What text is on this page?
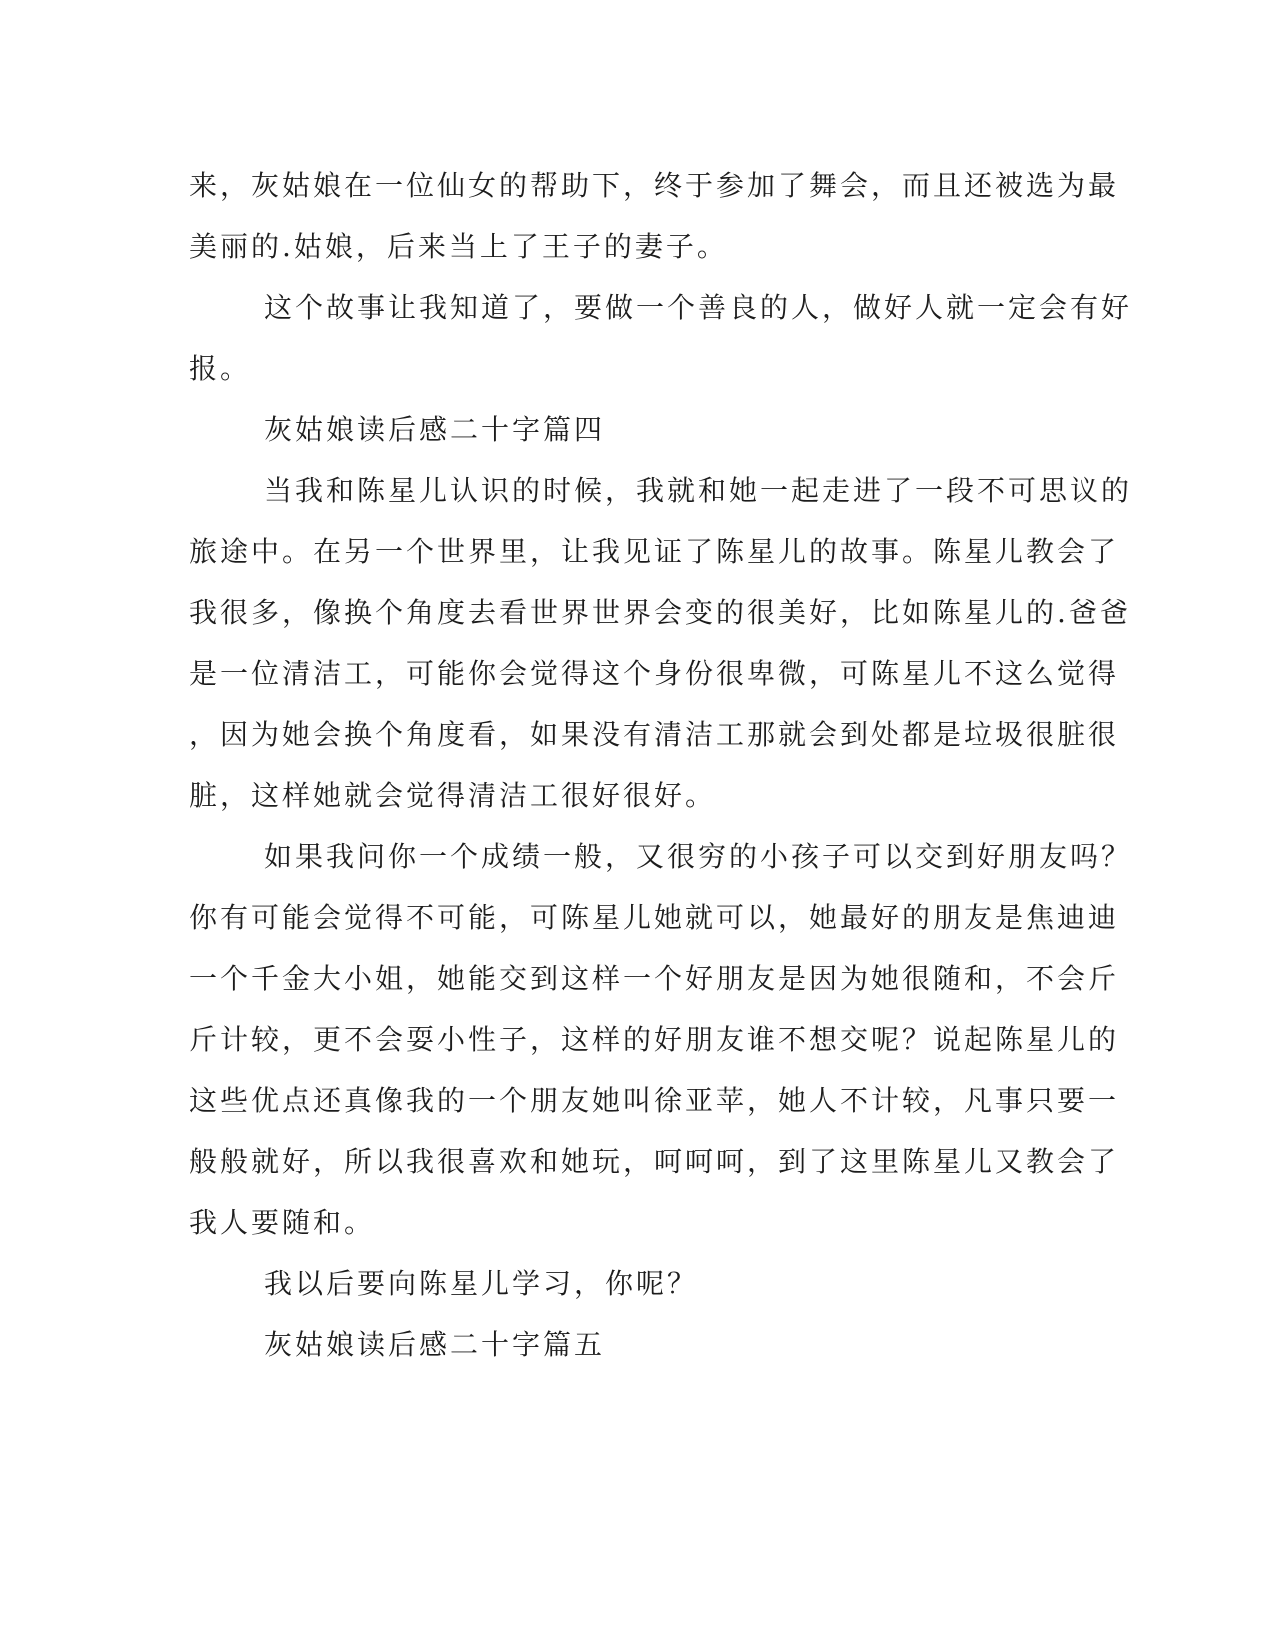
来，灰姑娘在一位仙女的帮助下，终于参加了舞会，而且还被选为最
美丽的.姑娘，后来当上了王子的妻子。

这个故事让我知道了，要做一个善良的人，做好人就一定会有好
报。

灰姑娘读后感二十字篇四

当我和陈星儿认识的时候，我就和她一起走进了一段不可思议的
旅途中。在另一个世界里，让我见证了陈星儿的故事。陈星儿教会了
我很多，像换个角度去看世界世界会变的很美好，比如陈星儿的.爸爸
是一位清洁工，可能你会觉得这个身份很卑微，可陈星儿不这么觉得
，因为她会换个角度看，如果没有清洁工那就会到处都是垃圾很脏很
脏，这样她就会觉得清洁工很好很好。

如果我问你一个成绩一般，又很穷的小孩子可以交到好朋友吗？
你有可能会觉得不可能，可陈星儿她就可以，她最好的朋友是焦迪迪
一个千金大小姐，她能交到这样一个好朋友是因为她很随和，不会斤
斤计较，更不会耍小性子，这样的好朋友谁不想交呢？说起陈星儿的
这些优点还真像我的一个朋友她叫徐亚苹，她人不计较，凡事只要一
般般就好，所以我很喜欢和她玩，呵呵呵，到了这里陈星儿又教会了
我人要随和。

我以后要向陈星儿学习，你呢？

灰姑娘读后感二十字篇五
